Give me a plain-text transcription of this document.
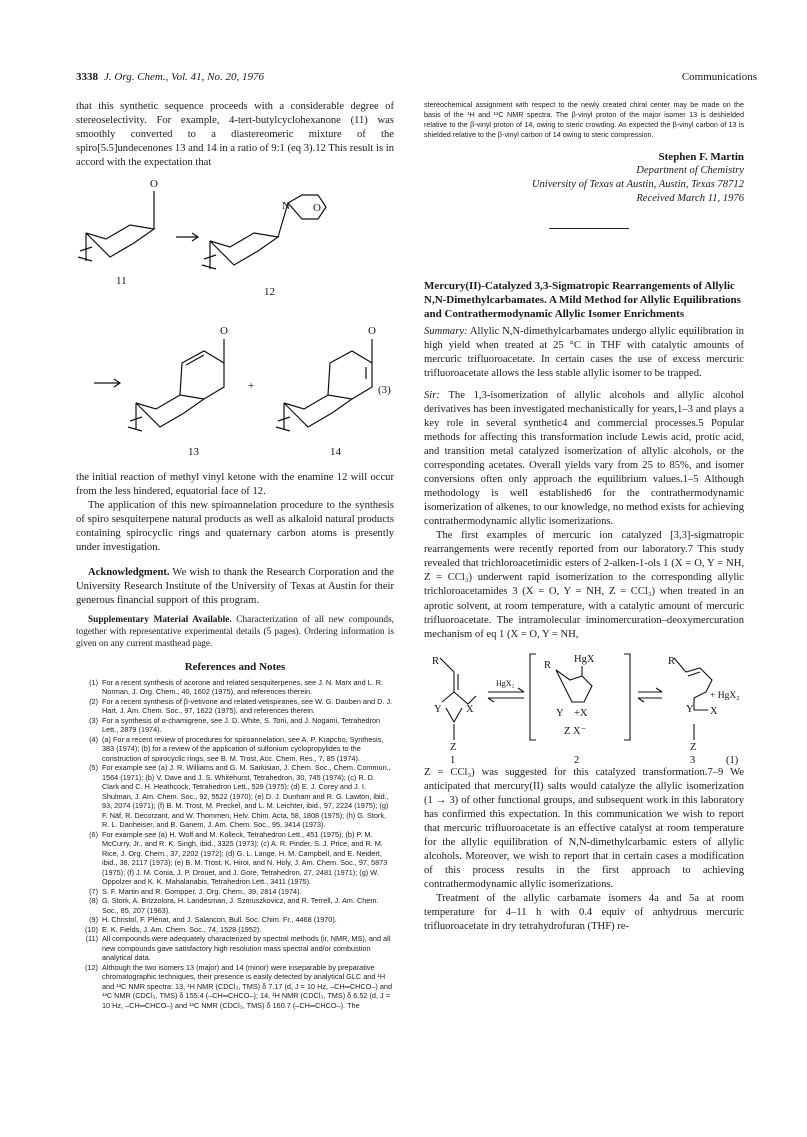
3338 J. Org. Chem., Vol. 41, No. 20, 1976	Communications

that this synthetic sequence proceeds with a considerable degree of stereoselectivity. For example, 4-tert-butylcyclohexanone (11) was smoothly converted to a diastereomeric mixture of the spiro[5.5]undecenones 13 and 14 in a ratio of 9:1 (eq 3).12 This result is in accord with the expectation that

O
11
N O
12
O
13
+
O
14
(3)

the initial reaction of methyl vinyl ketone with the enamine 12 will occur from the less hindered, equatorial face of 12.

The application of this new spiroannelation procedure to the synthesis of spiro sesquiterpene natural products as well as alkaloid natural products containing spirocyclic rings and quaternary carbon atoms is presently under investigation.

Acknowledgment. We wish to thank the Research Corporation and the University Research Institute of the University of Texas at Austin for their generous financial support of this program.

Supplementary Material Available. Characterization of all new compounds, together with representative experimental details (5 pages). Ordering information is given on any current masthead page.

References and Notes
(1) For a recent synthesis of acorone and related sesquiterpenes, see J. N. Marx and L. R. Norman, J. Org. Chem., 40, 1602 (1975), and references therein.
(2) For a recent synthesis of β-vetivone and related vetispiranes, see W. G. Dauben and D. J. Hart, J. Am. Chem. Soc., 97, 1622 (1975), and references therein.
(3) For a synthesis of α-chamigrene, see J. D. White, S. Torii, and J. Nogami, Tetrahedron Lett., 2879 (1974).
(4) (a) For a recent review of procedures for spiroannelation, see A. P. Krapcho, Synthesis, 383 (1974); (b) for a review of the application of sulfonium cyclopropylides to the construction of spirocyclic rings, see B. M. Trost, Acc. Chem. Res., 7, 85 (1974).
(5) For example see (a) J. R. Williams and G. M. Sarkisian, J. Chem. Soc., Chem. Commun., 1564 (1971); (b) V. Dave and J. S. Whitehurst, Tetrahedron, 30, 745 (1974); (c) R. D. Clark and C. H. Heathcock, Tetrahedron Lett., 529 (1975); (d) E. J. Corey and J. I. Shulman, J. Am. Chem. Soc., 92, 5522 (1970); (e) D. J. Dunham and R. G. Lawton, ibid., 93, 2074 (1971); (f) B. M. Trost, M. Preckel, and L. M. Leichter, ibid., 97, 2224 (1975); (g) F. Näf, R. Decorzant, and W. Thommen, Helv. Chim. Acta, 58, 1808 (1975); (h) G. Stork, R. L. Danheiser, and B. Ganem, J. Am. Chem. Soc., 95, 3414 (1973).
(6) For example see (a) H. Wolf and M. Kolleck, Tetrahedron Lett., 451 (1975); (b) P. M. McCurry, Jr., and R. K. Singh, ibid., 3325 (1973); (c) A. R. Pinder, S. J. Price, and R. M. Rice, J. Org. Chem., 37, 2202 (1972); (d) G. L. Lange, H. M. Campbell, and E. Neidert, ibid., 38, 2117 (1973); (e) B. M. Trost, K. Hiroi, and N. Holy, J. Am. Chem. Soc., 97, 5873 (1975); (f) J. M. Conia, J. P. Drouet, and J. Gore, Tetrahedron, 27, 2481 (1971); (g) W. Oppolzer and K. K. Mahalanabis, Tetrahedron Lett., 3411 (1975).
(7) S. F. Martin and R. Gompper, J. Org. Chem., 39, 2814 (1974).
(8) G. Stork, A. Brizzolora, H. Landesman, J. Szmuszkovicz, and R. Terrell, J. Am. Chem. Soc., 85, 207 (1963).
(9) H. Christol, F. Plénat, and J. Salancon, Bull. Soc. Chim. Fr., 4468 (1970).
(10) E. K. Fields, J. Am. Chem. Soc., 74, 1528 (1952).
(11) All compounds were adequately characterized by spectral methods (ir, NMR, MS), and all new compounds gave satisfactory high resolution mass spectral and/or combustion analytical data.
(12) Although the two isomers 13 (major) and 14 (minor) were inseparable by preparative chromatographic techniques, their presence is easily detected by analytical GLC and ¹H and ¹³C NMR spectra: 13, ¹H NMR (CDCl₃, TMS) δ 7.17 (d, J = 10 Hz, –CH═CHCO–) and ¹³C NMR (CDCl₃, TMS) δ 155.4 (–CH═CHCO–); 14, ¹H NMR (CDCl₃, TMS) δ 6.52 (d, J = 10 Hz, –CH═CHCO–) and ¹³C NMR (CDCl₃, TMS) δ 160.7 (–CH═CHCO–). The

stereochemical assignment with respect to the newly created chiral center may be made on the basis of the ¹H and ¹³C NMR spectra. The β-vinyl proton of the major isomer 13 is deshielded relative to the β-vinyl proton of 14, owing to steric crowding. As expected the β-vinyl carbon of 13 is shielded relative to the β-vinyl carbon of 14 owing to steric compression.

Stephen F. Martin
Department of Chemistry
University of Texas at Austin, Austin, Texas 78712
Received March 11, 1976
Mercury(II)-Catalyzed 3,3-Sigmatropic Rearrangements of Allylic N,N-Dimethylcarbamates. A Mild Method for Allylic Equilibrations and Contrathermodynamic Allylic Isomer Enrichments

Summary: Allylic N,N-dimethylcarbamates undergo allylic equilibration in high yield when treated at 25 °C in THF with catalytic amounts of mercuric trifluoroacetate. In certain cases the use of excess mercuric trifluoroacetate allows the less stable allylic isomer to be trapped.

Sir: The 1,3-isomerization of allylic alcohols and allylic alcohol derivatives has been investigated mechanistically for years,1–3 and plays a key role in several synthetic4 and commercial processes.5 Popular methods for affecting this transformation include Lewis acid, protic acid, and transition metal catalyzed isomerization of allylic alcohols, or the corresponding acetates. Overall yields vary from 25 to 85%, and isomer conversions often only approach the equilibrium values.1–5 Although methodology is well established6 for the contrathermodynamic isomerization of alkenes, to our knowledge, no method exists for achieving contrathermodynamic allylic isomerizations.

The first examples of mercuric ion catalyzed [3,3]-sigmatropic rearrangements were recently reported from our laboratory.7 This study revealed that trichloroacetimidic esters of 2-alken-1-ols 1 (X = O, Y = NH, Z = CCl₃) underwent rapid isomerization to the corresponding allylic trichloroacetamides 3 (X = O, Y = NH, Z = CCl₃) when treated in an aprotic solvent, at room temperature, with a catalytic amount of mercuric trifluoroacetate. The intramolecular iminomercuration–deoxymercuration mechanism of eq 1 (X = O, Y = NH,

R
Y X
Z
HgX₂
HgX
R
Y +X
Z X⁻
R
X
Y
Z
+ HgX₂
1	2	3	(1)

Z = CCl₃) was suggested for this catalyzed transformation.7–9 We anticipated that mercury(II) salts would catalyze the allylic isomerization (1 → 3) of other functional groups, and subsequent work in this laboratory has confirmed this expectation. In this communication we wish to report that mercuric trifluoroacetate is an effective catalyst at room temperature for the allylic equilibration of N,N-dimethylcarbamic esters of allylic alcohols. Moreover, we wish to report that in certain cases a modification of this process results in the first approach to achieving contrathermodynamic allylic isomerizations.

Treatment of the allylic carbamate isomers 4a and 5a at room temperature for 4–11 h with 0.4 equiv of anhydrous mercuric trifluoroacetate in dry tetrahydrofuran (THF) re-
